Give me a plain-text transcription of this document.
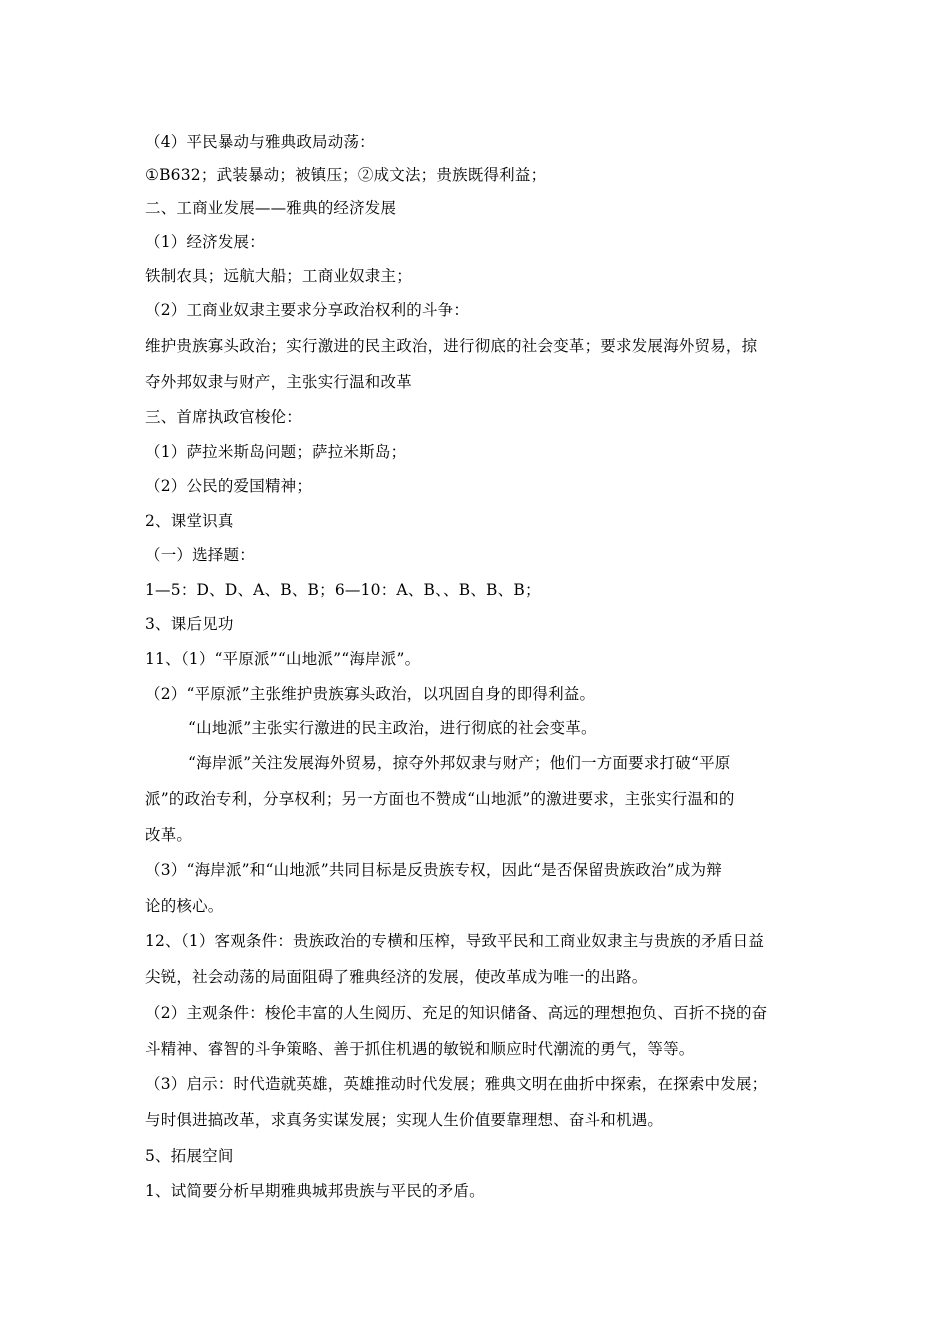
（4）平民暴动与雅典政局动荡：
①B632；武装暴动；被镇压；②成文法；贵族既得利益；
二、工商业发展——雅典的经济发展
（1）经济发展：
铁制农具；远航大船；工商业奴隶主；
（2）工商业奴隶主要求分享政治权利的斗争：
维护贵族寡头政治；实行激进的民主政治，进行彻底的社会变革；要求发展海外贸易，掠
夺外邦奴隶与财产，主张实行温和改革
三、首席执政官梭伦：
（1）萨拉米斯岛问题；萨拉米斯岛；
（2）公民的爱国精神；
2、课堂识真
（一）选择题：
1—5：D、D、A、B、B；6—10：A、B、、B、B、B；
3、课后见功
11、（1）“平原派”“山地派”“海岸派”。
（2）“平原派”主张维护贵族寡头政治，以巩固自身的即得利益。
“山地派”主张实行激进的民主政治，进行彻底的社会变革。
“海岸派”关注发展海外贸易，掠夺外邦奴隶与财产；他们一方面要求打破“平原
派”的政治专利，分享权利；另一方面也不赞成“山地派”的激进要求，主张实行温和的
改革。
（3）“海岸派”和“山地派”共同目标是反贵族专权，因此“是否保留贵族政治”成为辩
论的核心。
12、（1）客观条件：贵族政治的专横和压榨，导致平民和工商业奴隶主与贵族的矛盾日益
尖锐，社会动荡的局面阻碍了雅典经济的发展，使改革成为唯一的出路。
（2）主观条件：梭伦丰富的人生阅历、充足的知识储备、高远的理想抱负、百折不挠的奋
斗精神、睿智的斗争策略、善于抓住机遇的敏锐和顺应时代潮流的勇气，等等。
（3）启示：时代造就英雄，英雄推动时代发展；雅典文明在曲折中探索，在探索中发展；
与时俱进搞改革，求真务实谋发展；实现人生价值要靠理想、奋斗和机遇。
5、拓展空间
1、试简要分析早期雅典城邦贵族与平民的矛盾。
